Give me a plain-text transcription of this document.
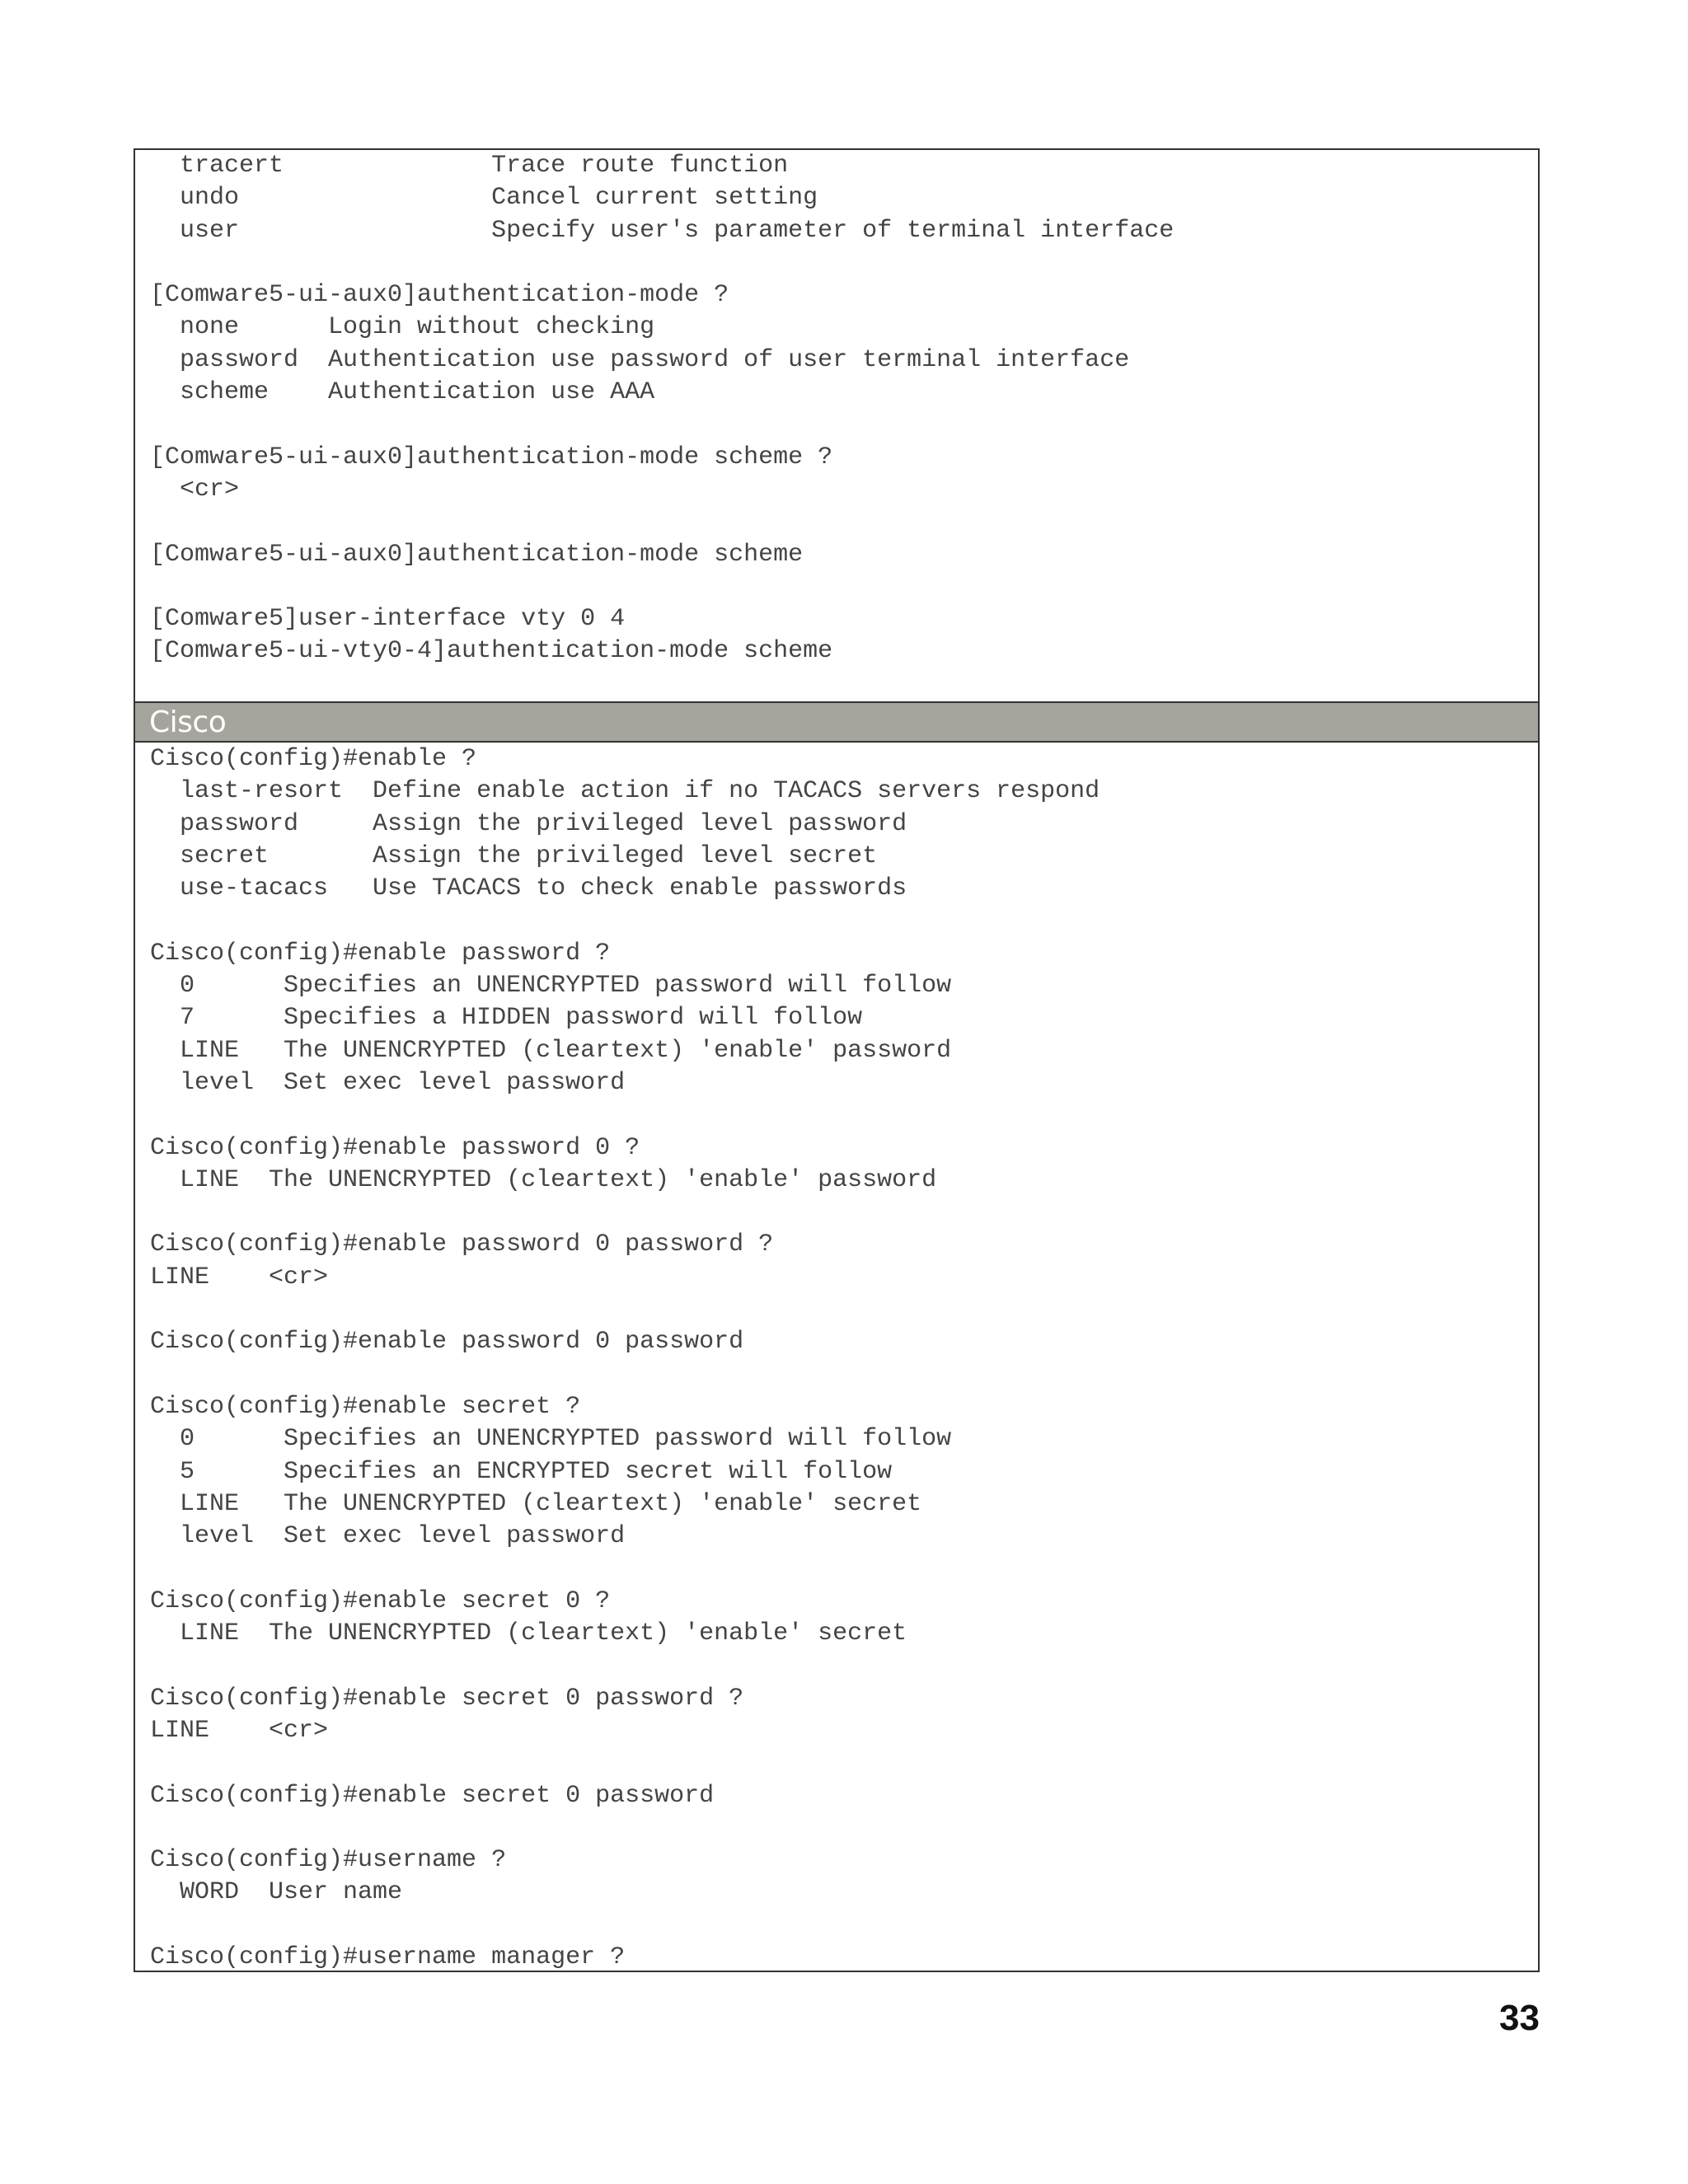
tracert              Trace route function
undo                 Cancel current setting
user                 Specify user's parameter of terminal interface

[Comware5-ui-aux0]authentication-mode ?
none      Login without checking
password  Authentication use password of user terminal interface
scheme    Authentication use AAA

[Comware5-ui-aux0]authentication-mode scheme ?
<cr>

[Comware5-ui-aux0]authentication-mode scheme

[Comware5]user-interface vty 0 4
[Comware5-ui-vty0-4]authentication-mode scheme
Cisco
Cisco(config)#enable ?
last-resort  Define enable action if no TACACS servers respond
password     Assign the privileged level password
secret       Assign the privileged level secret
use-tacacs   Use TACACS to check enable passwords

Cisco(config)#enable password ?
0      Specifies an UNENCRYPTED password will follow
7      Specifies a HIDDEN password will follow
LINE   The UNENCRYPTED (cleartext) 'enable' password
level  Set exec level password

Cisco(config)#enable password 0 ?
LINE  The UNENCRYPTED (cleartext) 'enable' password

Cisco(config)#enable password 0 password ?
LINE    <cr>

Cisco(config)#enable password 0 password

Cisco(config)#enable secret ?
0      Specifies an UNENCRYPTED password will follow
5      Specifies an ENCRYPTED secret will follow
LINE   The UNENCRYPTED (cleartext) 'enable' secret
level  Set exec level password

Cisco(config)#enable secret 0 ?
LINE  The UNENCRYPTED (cleartext) 'enable' secret

Cisco(config)#enable secret 0 password ?
LINE    <cr>

Cisco(config)#enable secret 0 password

Cisco(config)#username ?
WORD  User name

Cisco(config)#username manager ?
33
